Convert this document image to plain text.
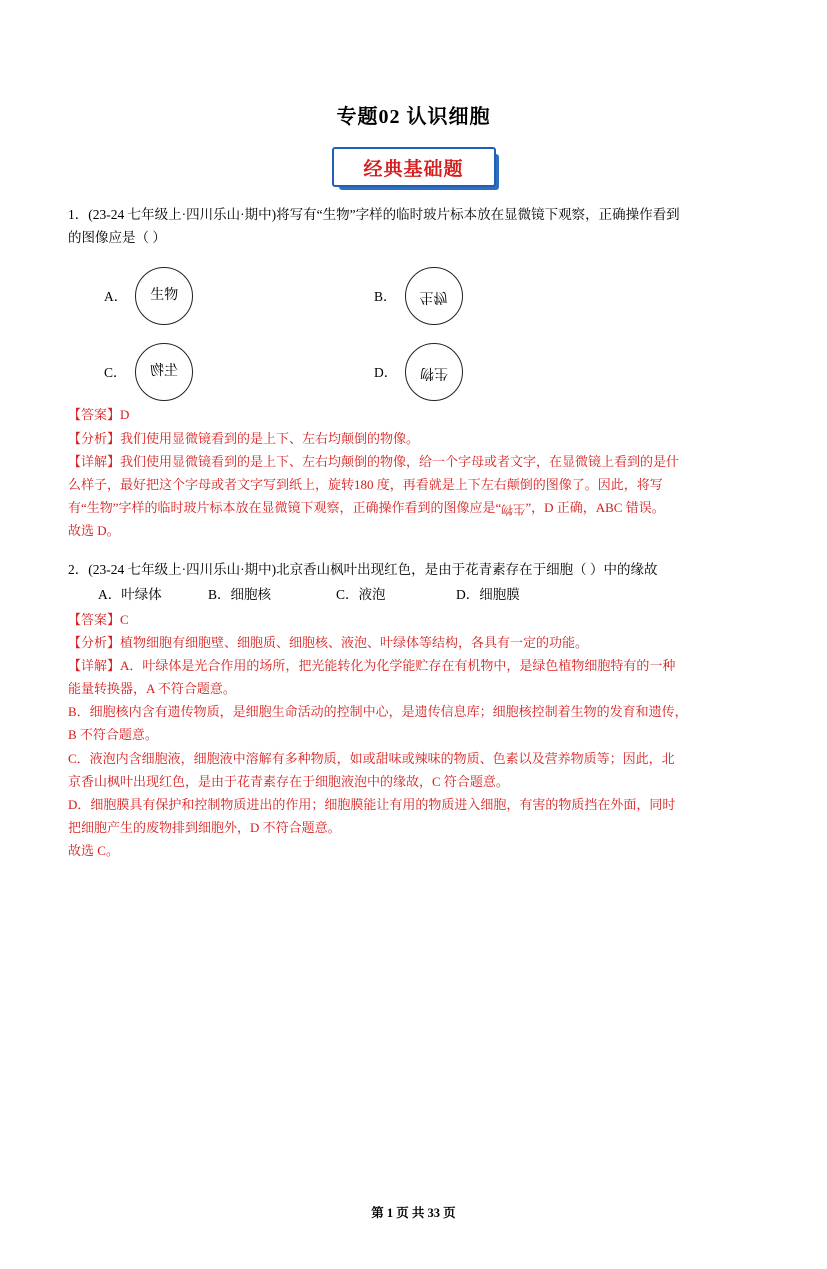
专题02 认识细胞
经典基础题
1．(23-24 七年级上·四川乐山·期中)将写有“生物”字样的临时玻片标本放在显微镜下观察，正确操作看到
的图像应是（ ）
A． 生物	B． 生物
C． 生物	D． 生物

【答案】D

【分析】我们使用显微镜看到的是上下、左右均颠倒的物像。

【详解】我们使用显微镜看到的是上下、左右均颠倒的物像，给一个字母或者文字，在显微镜上看到的是什

么样子，最好把这个字母或者文字写到纸上，旋转180 度，再看就是上下左右颠倒的图像了。因此，将写

有“生物”字样的临时玻片标本放在显微镜下观察，正确操作看到的图像应是“生物”，D 正确，ABC 错误。

故选 D。

2．(23-24 七年级上·四川乐山·期中)北京香山枫叶出现红色，是由于花青素存在于细胞（ ）中的缘故
A．叶绿体	B．细胞核	C．液泡	D．细胞膜

【答案】C

【分析】植物细胞有细胞壁、细胞质、细胞核、液泡、叶绿体等结构，各具有一定的功能。

【详解】A．叶绿体是光合作用的场所，把光能转化为化学能贮存在有机物中，是绿色植物细胞特有的一种

能量转换器，A 不符合题意。

B．细胞核内含有遗传物质，是细胞生命活动的控制中心，是遗传信息库；细胞核控制着生物的发育和遗传，

B 不符合题意。

C．液泡内含细胞液，细胞液中溶解有多种物质，如或甜味或辣味的物质、色素以及营养物质等；因此，北

京香山枫叶出现红色，是由于花青素存在于细胞液泡中的缘故，C 符合题意。

D．细胞膜具有保护和控制物质进出的作用；细胞膜能让有用的物质进入细胞，有害的物质挡在外面，同时

把细胞产生的废物排到细胞外，D 不符合题意。

故选 C。

第 1 页 共 33 页
